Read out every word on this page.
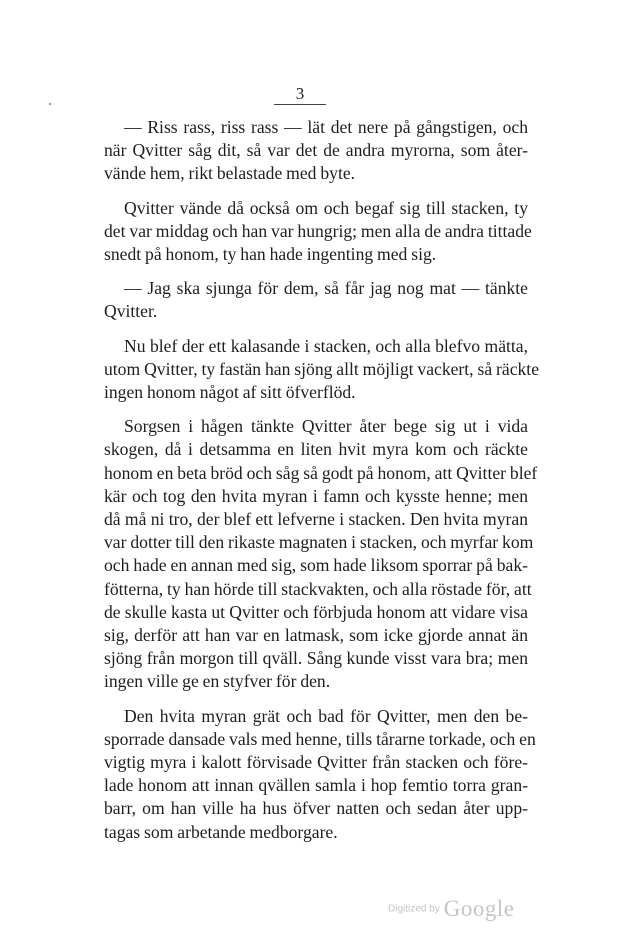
3

— Riss rass, riss rass — lät det nere på gångstigen, och
när Qvitter såg dit, så var det de andra myrorna, som åter-
vände hem, rikt belastade med byte.

Qvitter vände då också om och begaf sig till stacken, ty
det var middag och han var hungrig; men alla de andra tittade
snedt på honom, ty han hade ingenting med sig.

— Jag ska sjunga för dem, så får jag nog mat — tänkte
Qvitter.

Nu blef der ett kalasande i stacken, och alla blefvo mätta,
utom Qvitter, ty fastän han sjöng allt möjligt vackert, så räckte
ingen honom något af sitt öfverflöd.

Sorgsen i hågen tänkte Qvitter åter bege sig ut i vida
skogen, då i detsamma en liten hvit myra kom och räckte
honom en beta bröd och såg så godt på honom, att Qvitter blef
kär och tog den hvita myran i famn och kysste henne; men
då må ni tro, der blef ett lefverne i stacken. Den hvita myran
var dotter till den rikaste magnaten i stacken, och myrfar kom
och hade en annan med sig, som hade liksom sporrar på bak-
fötterna, ty han hörde till stackvakten, och alla röstade för, att
de skulle kasta ut Qvitter och förbjuda honom att vidare visa
sig, derför att han var en latmask, som icke gjorde annat än
sjöng från morgon till qväll. Sång kunde visst vara bra; men
ingen ville ge en styfver för den.

Den hvita myran grät och bad för Qvitter, men den be-
sporrade dansade vals med henne, tills tårarne torkade, och en
vigtig myra i kalott förvisade Qvitter från stacken och före-
lade honom att innan qvällen samla i hop femtio torra gran-
barr, om han ville ha hus öfver natten och sedan åter upp-
tagas som arbetande medborgare.

Digitized by Google
